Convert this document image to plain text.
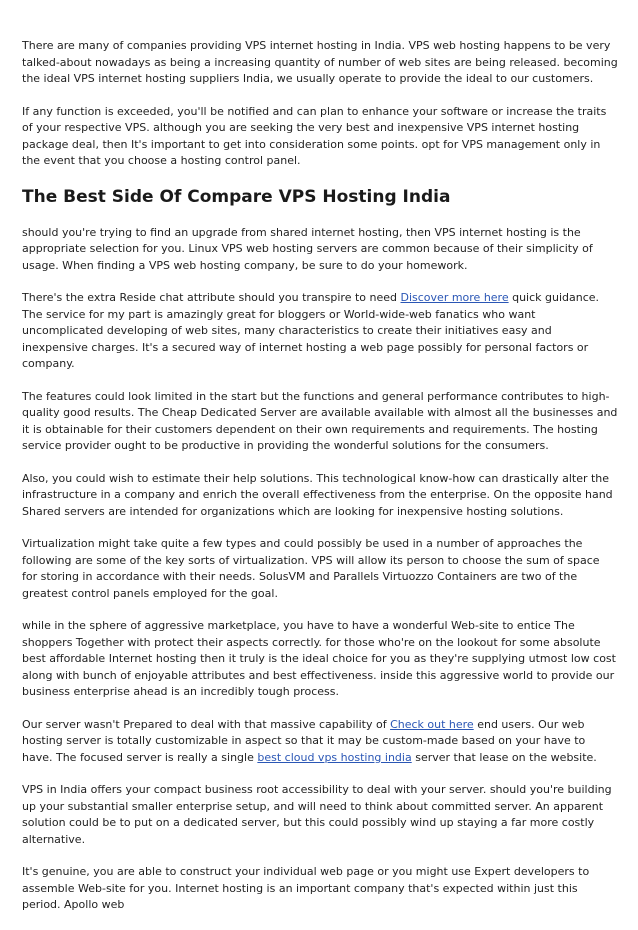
There are many of companies providing VPS internet hosting in India. VPS web hosting happens to be very talked-about nowadays as being a increasing quantity of number of web sites are being released. becoming the ideal VPS internet hosting suppliers India, we usually operate to provide the ideal to our customers.

If any function is exceeded, you'll be notified and can plan to enhance your software or increase the traits of your respective VPS. although you are seeking the very best and inexpensive VPS internet hosting package deal, then It's important to get into consideration some points. opt for VPS management only in the event that you choose a hosting control panel.

The Best Side Of Compare VPS Hosting India

should you're trying to find an upgrade from shared internet hosting, then VPS internet hosting is the appropriate selection for you. Linux VPS web hosting servers are common because of their simplicity of usage. When finding a VPS web hosting company, be sure to do your homework.

There's the extra Reside chat attribute should you transpire to need Discover more here quick guidance. The service for my part is amazingly great for bloggers or World-wide-web fanatics who want uncomplicated developing of web sites, many characteristics to create their initiatives easy and inexpensive charges. It's a secured way of internet hosting a web page possibly for personal factors or company.

The features could look limited in the start but the functions and general performance contributes to high-quality good results. The Cheap Dedicated Server are available available with almost all the businesses and it is obtainable for their customers dependent on their own requirements and requirements. The hosting service provider ought to be productive in providing the wonderful solutions for the consumers.

Also, you could wish to estimate their help solutions. This technological know-how can drastically alter the infrastructure in a company and enrich the overall effectiveness from the enterprise. On the opposite hand Shared servers are intended for organizations which are looking for inexpensive hosting solutions.

Virtualization might take quite a few types and could possibly be used in a number of approaches the following are some of the key sorts of virtualization. VPS will allow its person to choose the sum of space for storing in accordance with their needs. SolusVM and Parallels Virtuozzo Containers are two of the greatest control panels employed for the goal.

while in the sphere of aggressive marketplace, you have to have a wonderful Web-site to entice The shoppers Together with protect their aspects correctly. for those who're on the lookout for some absolute best affordable Internet hosting then it truly is the ideal choice for you as they're supplying utmost low cost along with bunch of enjoyable attributes and best effectiveness. inside this aggressive world to provide our business enterprise ahead is an incredibly tough process.

Our server wasn't Prepared to deal with that massive capability of Check out here end users. Our web hosting server is totally customizable in aspect so that it may be custom-made based on your have to have. The focused server is really a single best cloud vps hosting india server that lease on the website.

VPS in India offers your compact business root accessibility to deal with your server. should you're building up your substantial smaller enterprise setup, and will need to think about committed server. An apparent solution could be to put on a dedicated server, but this could possibly wind up staying a far more costly alternative.

It's genuine, you are able to construct your individual web page or you might use Expert developers to assemble Web-site for you. Internet hosting is an important company that's expected within just this period. Apollo web
